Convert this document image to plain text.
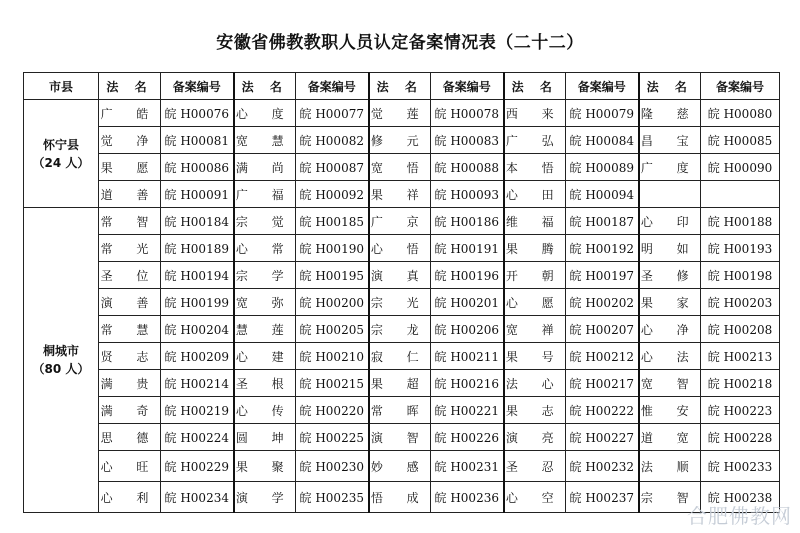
安徽省佛教教职人员认定备案情况表（二十二）
市县	法 名	备案编号	法 名	备案编号	法 名	备案编号	法 名	备案编号	法 名	备案编号

怀宁县
（24 人）	广 皓	皖 H00076	心 度	皖 H00077	觉 莲	皖 H00078	西 来	皖 H00079	隆 慈	皖 H00080
	觉 净	皖 H00081	宽 慧	皖 H00082	修 元	皖 H00083	广 弘	皖 H00084	昌 宝	皖 H00085
	果 愿	皖 H00086	满 尚	皖 H00087	宽 悟	皖 H00088	本 悟	皖 H00089	广 度	皖 H00090
	道 善	皖 H00091	广 福	皖 H00092	果 祥	皖 H00093	心 田	皖 H00094		

桐城市
（80 人）	常 智	皖 H00184	宗 觉	皖 H00185	广 京	皖 H00186	维 福	皖 H00187	心 印	皖 H00188
	常 光	皖 H00189	心 常	皖 H00190	心 悟	皖 H00191	果 腾	皖 H00192	明 如	皖 H00193
	圣 位	皖 H00194	宗 学	皖 H00195	演 真	皖 H00196	开 朝	皖 H00197	圣 修	皖 H00198
	演 善	皖 H00199	宽 弥	皖 H00200	宗 光	皖 H00201	心 愿	皖 H00202	果 家	皖 H00203
	常 慧	皖 H00204	慧 莲	皖 H00205	宗 龙	皖 H00206	宽 禅	皖 H00207	心 净	皖 H00208
	贤 志	皖 H00209	心 建	皖 H00210	寂 仁	皖 H00211	果 号	皖 H00212	心 法	皖 H00213
	满 贵	皖 H00214	圣 根	皖 H00215	果 超	皖 H00216	法 心	皖 H00217	宽 智	皖 H00218
	满 奇	皖 H00219	心 传	皖 H00220	常 晖	皖 H00221	果 志	皖 H00222	惟 安	皖 H00223
	思 德	皖 H00224	圆 坤	皖 H00225	演 智	皖 H00226	演 亮	皖 H00227	道 宽	皖 H00228
	心 旺	皖 H00229	果 聚	皖 H00230	妙 感	皖 H00231	圣 忍	皖 H00232	法 顺	皖 H00233
	心 利	皖 H00234	演 学	皖 H00235	悟 成	皖 H00236	心 空	皖 H00237	宗 智	皖 H00238
合肥佛教网
